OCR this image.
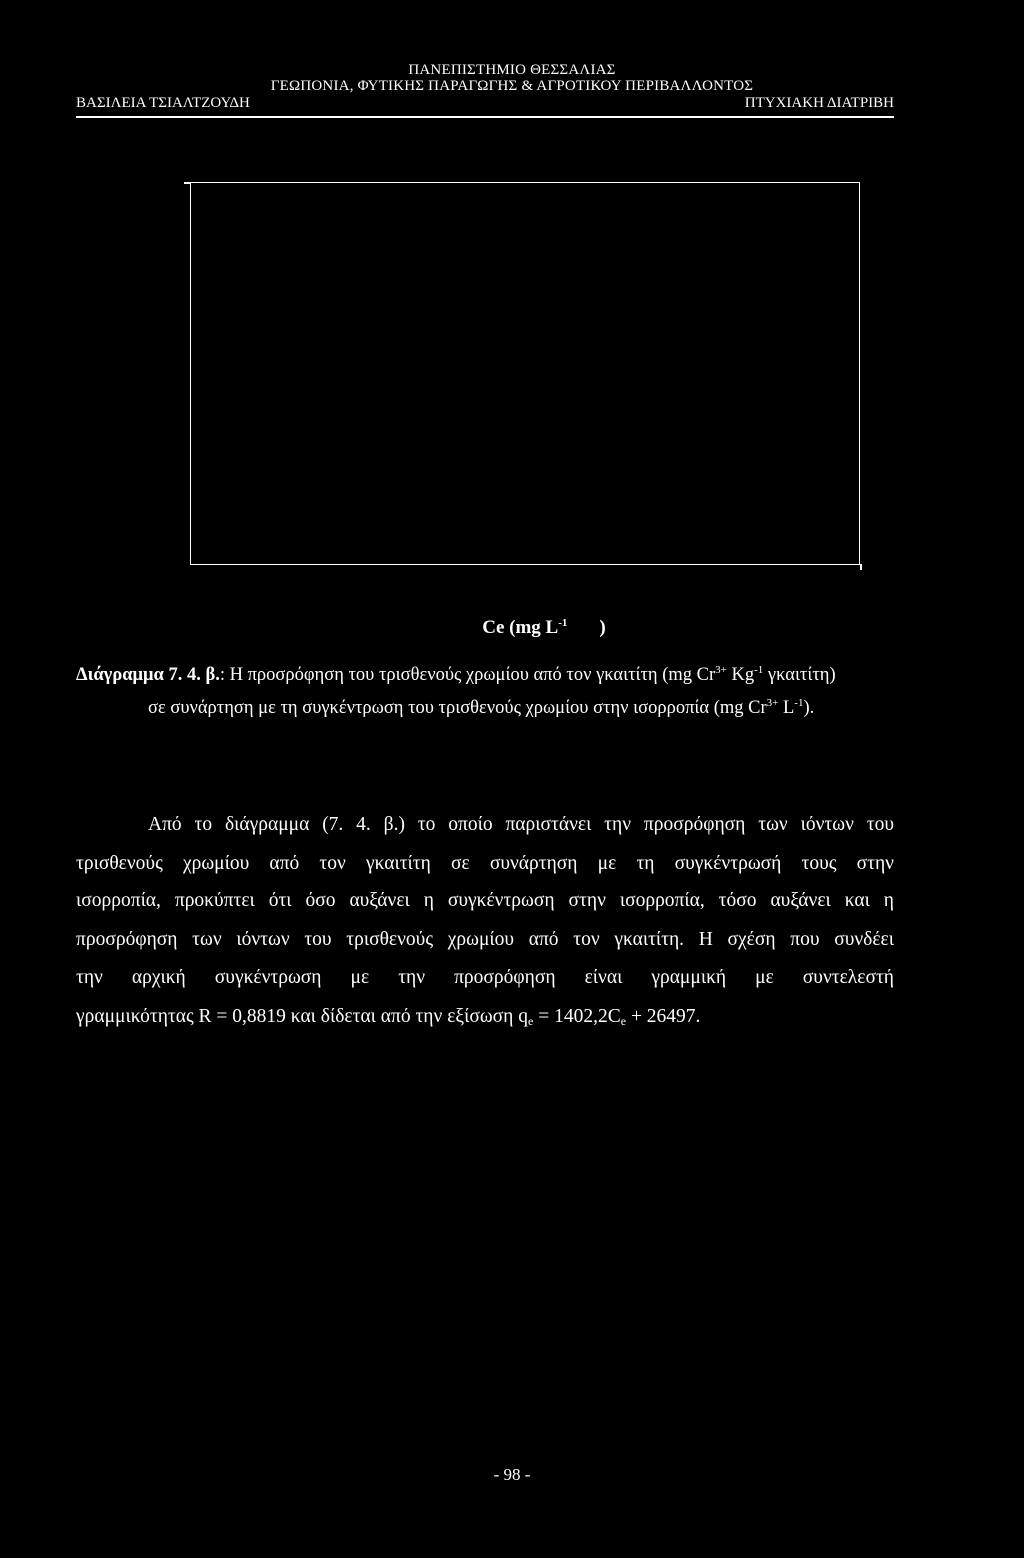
ΠΑΝΕΠΙΣΤΗΜΙΟ ΘΕΣΣΑΛΙΑΣ
ΓΕΩΠΟΝΙΑ, ΦΥΤΙΚΗΣ ΠΑΡΑΓΩΓΗΣ & ΑΓΡΟΤΙΚΟΥ ΠΕΡΙΒΑΛΛΟΝΤΟΣ
ΒΑΣΙΛΕΙΑ ΤΣΙΑΛΤΖΟΥΔΗ	ΠΤΥΧΙΑΚΗ ΔΙΑΤΡΙΒΗ
Ce (mg $L^{-1}$ )
Διάγραμμα 7. 4. β.: Η προσρόφηση του τρισθενούς χρωμίου από τον γκαιτίτη (mg $Cr^{3+}$ $Kg^{-1}$ γκαιτίτη)
σε συνάρτηση με τη συγκέντρωση του τρισθενούς χρωμίου στην ισορροπία (mg $Cr^{3+}$ $L^{-1}$).
Από το διάγραμμα (7. 4. β.) το οποίο παριστάνει την προσρόφηση των ιόντων του
τρισθενούς χρωμίου από τον γκαιτίτη σε συνάρτηση με τη συγκέντρωσή τους στην
ισορροπία, προκύπτει ότι όσο αυξάνει η συγκέντρωση στην ισορροπία, τόσο αυξάνει και η
προσρόφηση των ιόντων του τρισθενούς χρωμίου από τον γκαιτίτη. Η σχέση που συνδέει
την αρχική συγκέντρωση με την προσρόφηση είναι γραμμική με συντελεστή
γραμμικότητας R = 0,8819 και δίδεται από την εξίσωση $q_e = 1402,2C_e + 26497$.
- 98 -
